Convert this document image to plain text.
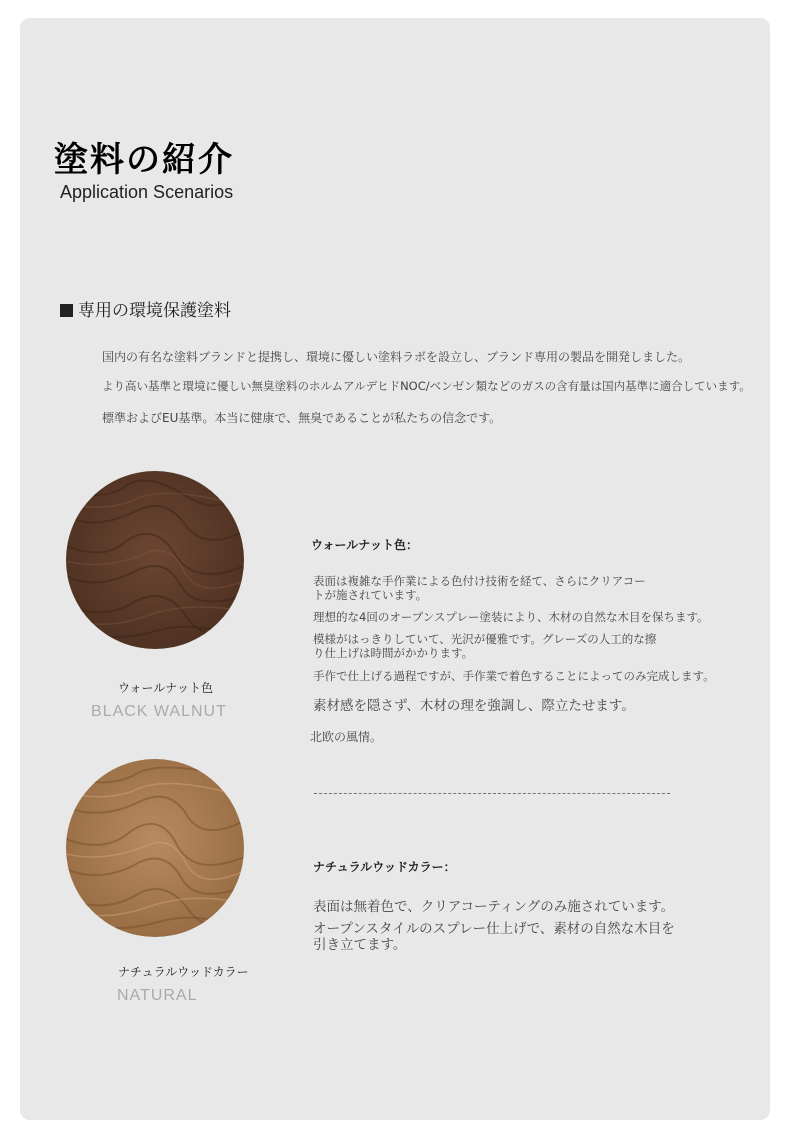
塗料の紹介
Application Scenarios
専用の環境保護塗料
国内の有名な塗料ブランドと提携し、環境に優しい塗料ラボを設立し、ブランド専用の製品を開発しました。
より高い基準と環境に優しい無臭塗料のホルムアルデヒドNOC/ベンゼン類などのガスの含有量は国内基準に適合しています。
標準およびEU基準。本当に健康で、無臭であることが私たちの信念です。
ウォールナット色
BLACK WALNUT
ウォールナット色：
表面は複雑な手作業による色付け技術を経て、さらにクリアコー
トが施されています。
理想的な4回のオープンスプレー塗装により、木材の自然な木目を保ちます。
模様がはっきりしていて、光沢が優雅です。グレーズの人工的な擦
り仕上げは時間がかかります。
手作で仕上げる過程ですが、手作業で着色することによってのみ完成します。
素材感を隠さず、木材の理を強調し、際立たせます。
北欧の風情。
ナチュラルウッドカラー
NATURAL
ナチュラルウッドカラー：
表面は無着色で、クリアコーティングのみ施されています。
オープンスタイルのスプレー仕上げで、素材の自然な木目を
引き立てます。
